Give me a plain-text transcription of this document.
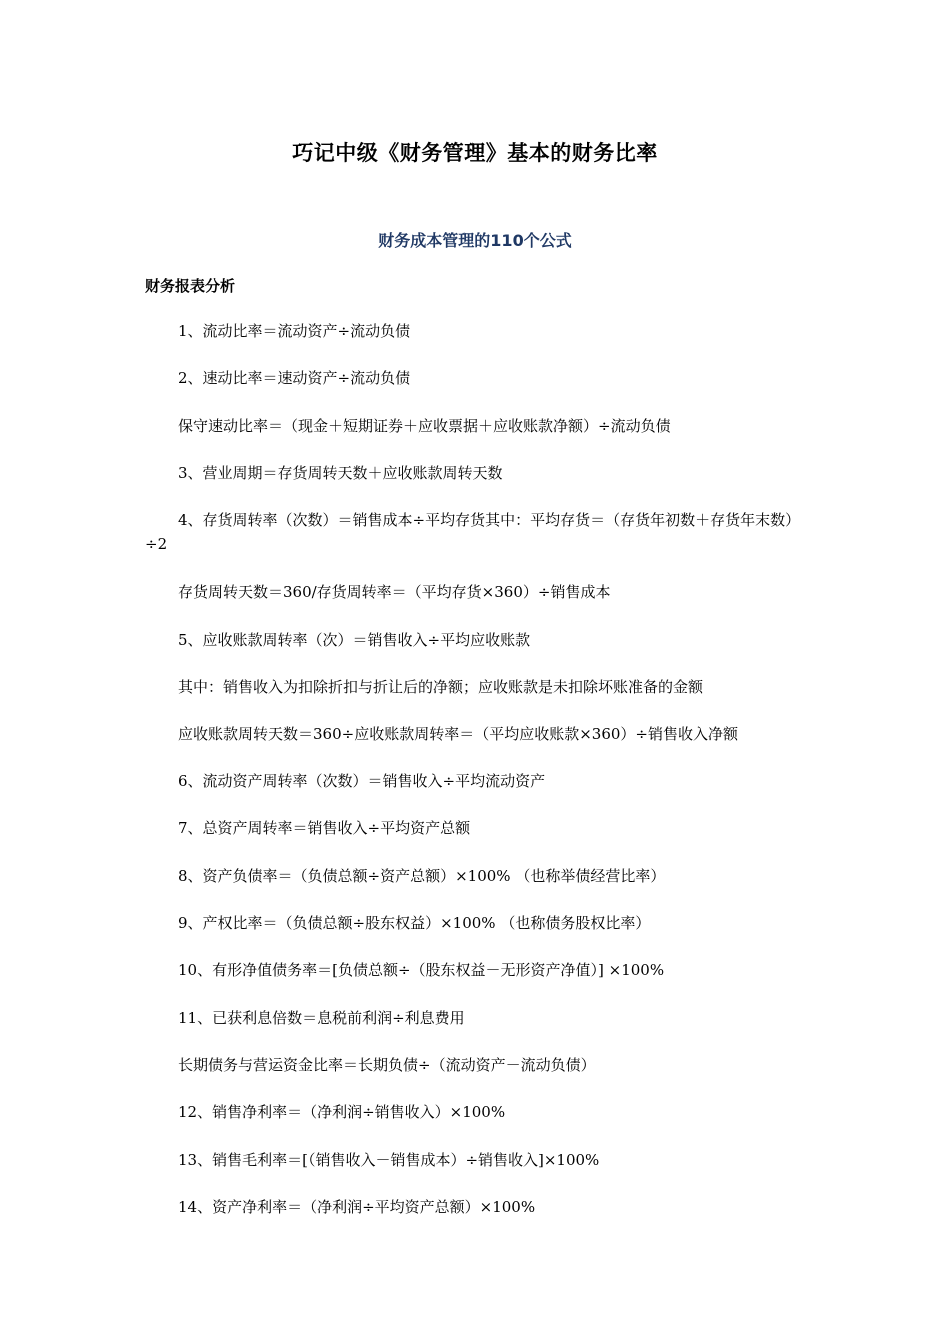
巧记中级《财务管理》基本的财务比率
财务成本管理的110个公式
财务报表分析
1、流动比率＝流动资产÷流动负债
2、速动比率＝速动资产÷流动负债
保守速动比率＝（现金＋短期证券＋应收票据＋应收账款净额）÷流动负债
3、营业周期＝存货周转天数＋应收账款周转天数
4、存货周转率（次数）＝销售成本÷平均存货其中：平均存货＝（存货年初数＋存货年末数）÷2
存货周转天数＝360/存货周转率＝（平均存货×360）÷销售成本
5、应收账款周转率（次）＝销售收入÷平均应收账款
其中：销售收入为扣除折扣与折让后的净额；应收账款是未扣除坏账准备的金额
应收账款周转天数＝360÷应收账款周转率＝（平均应收账款×360）÷销售收入净额
6、流动资产周转率（次数）＝销售收入÷平均流动资产
7、总资产周转率＝销售收入÷平均资产总额
8、资产负债率＝（负债总额÷资产总额）×100% （也称举债经营比率）
9、产权比率＝（负债总额÷股东权益）×100% （也称债务股权比率）
10、有形净值债务率＝[负债总额÷（股东权益－无形资产净值）] ×100%
11、已获利息倍数＝息税前利润÷利息费用
长期债务与营运资金比率＝长期负债÷（流动资产－流动负债）
12、销售净利率＝（净利润÷销售收入）×100%
13、销售毛利率＝[（销售收入－销售成本）÷销售收入]×100%
14、资产净利率＝（净利润÷平均资产总额）×100%
